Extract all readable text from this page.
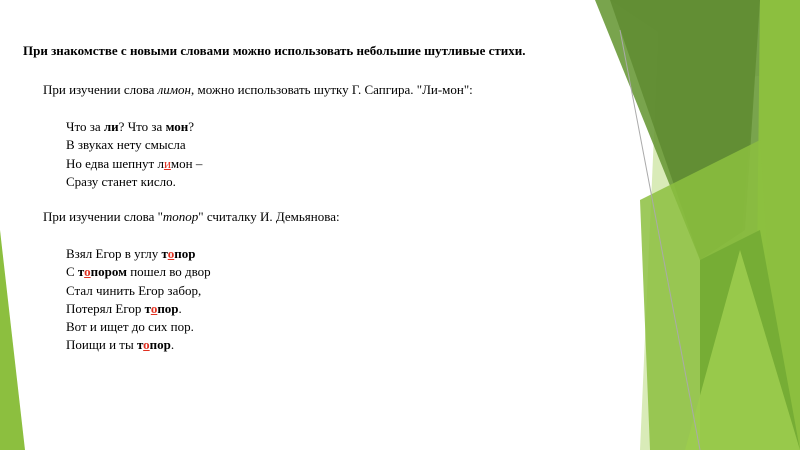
При знакомстве с новыми словами можно использовать небольшие шутливые стихи.
При изучении слова лимон, можно использовать шутку Г. Сапгира. "Ли-мон":
Что за ли? Что за мон?
В звуках нету смысла
Но едва шепнут лимон –
Сразу станет кисло.
При изучении слова "топор" считалку И. Демьянова:
Взял Егор в углу топор
С топором пошел во двор
Стал чинить Егор забор,
Потерял Егор топор.
Вот и ищет до сих пор.
Поищи и ты топор.
